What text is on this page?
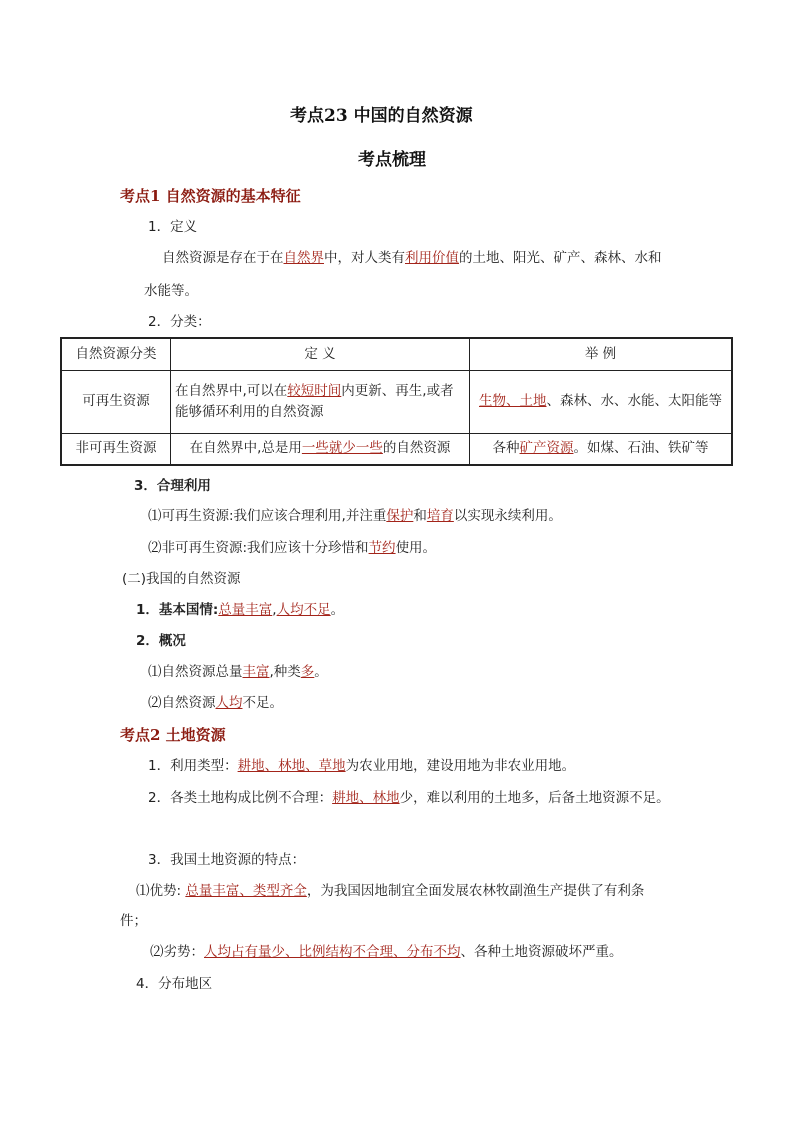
考点23 中国的自然资源
考点梳理
考点1 自然资源的基本特征
1．定义
自然资源是存在于在自然界中，对人类有利用价值的土地、阳光、矿产、森林、水和
水能等。
2．分类：
自然资源分类	定 义	举 例
可再生资源	在自然界中,可以在较短时间内更新、再生,或者
能够循环利用的自然资源	生物、土地、森林、水、水能、太阳能等
非可再生资源	在自然界中,总是用一些就少一些的自然资源	各种矿产资源。如煤、石油、铁矿等
3．合理利用
⑴可再生资源:我们应该合理利用,并注重保护和培育以实现永续利用。
⑵非可再生资源:我们应该十分珍惜和节约使用。
(二)我国的自然资源
1．基本国情:总量丰富,人均不足。
2．概况
⑴自然资源总量丰富,种类多。
⑵自然资源人均不足。
考点2 土地资源
1．利用类型：耕地、林地、草地为农业用地，建设用地为非农业用地。
2．各类土地构成比例不合理：耕地、林地少，难以利用的土地多，后备土地资源不足。
3．我国土地资源的特点：
⑴优势: 总量丰富、类型齐全，为我国因地制宜全面发展农林牧副渔生产提供了有利条
件；
⑵劣势：人均占有量少、比例结构不合理、分布不均、各种土地资源破坏严重。
4．分布地区
